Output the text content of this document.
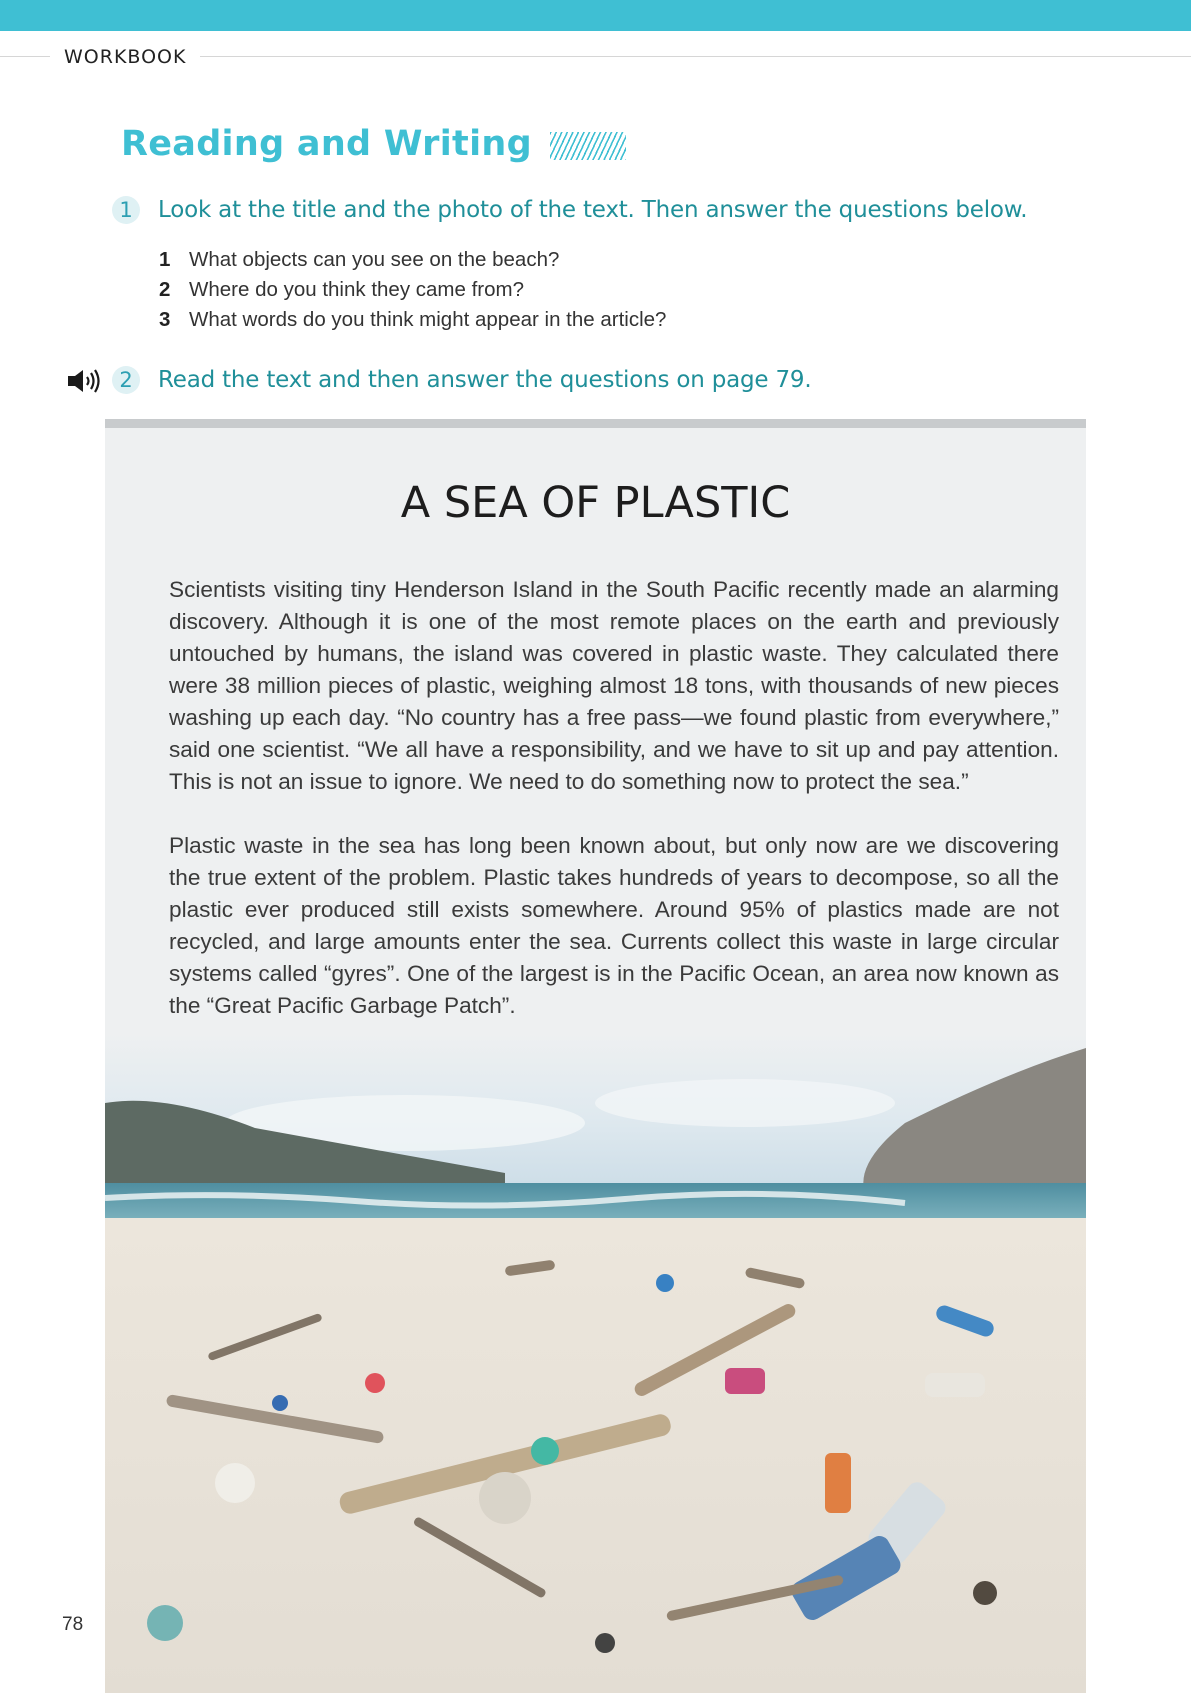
WORKBOOK
Reading and Writing
1	Look at the title and the photo of the text. Then answer the questions below.
1 What objects can you see on the beach?
2 Where do you think they came from?
3 What words do you think might appear in the article?
2	Read the text and then answer the questions on page 79.
A SEA OF PLASTIC

Scientists visiting tiny Henderson Island in the South Pacific recently made an alarming discovery. Although it is one of the most remote places on the earth and previously untouched by humans, the island was covered in plastic waste. They calculated there were 38 million pieces of plastic, weighing almost 18 tons, with thousands of new pieces washing up each day. “No country has a free pass—we found plastic from everywhere,” said one scientist. “We all have a responsibility, and we have to sit up and pay attention. This is not an issue to ignore. We need to do something now to protect the sea.”

Plastic waste in the sea has long been known about, but only now are we discovering the true extent of the problem. Plastic takes hundreds of years to decompose, so all the plastic ever produced still exists somewhere. Around 95% of plastics made are not recycled, and large amounts enter the sea. Currents collect this waste in large circular systems called “gyres”. One of the largest is in the Pacific Ocean, an area now known as the “Great Pacific Garbage Patch”.

78
